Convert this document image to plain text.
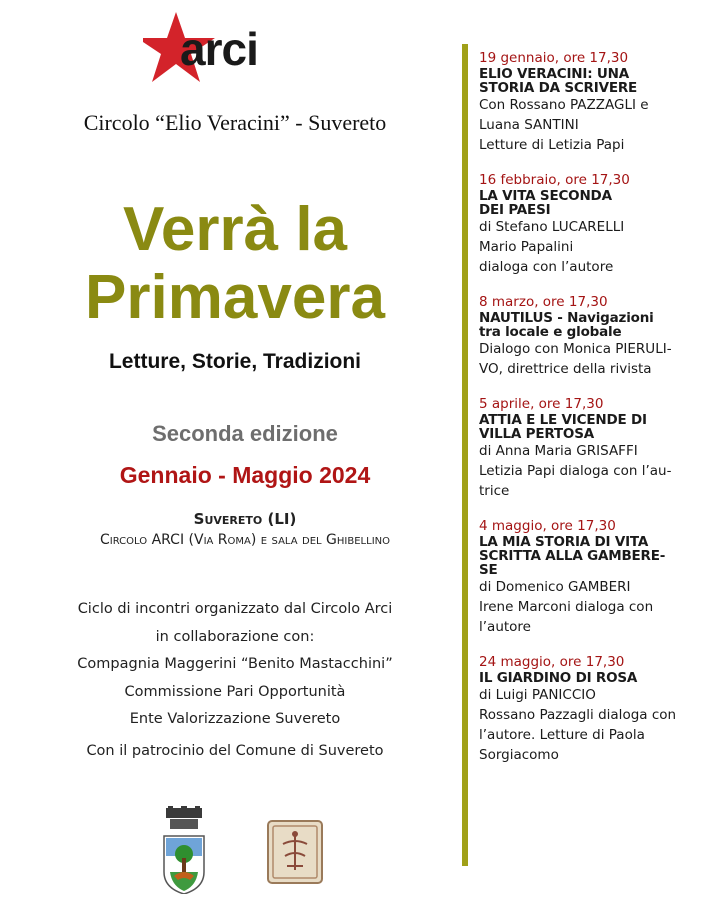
arci
Circolo “Elio Veracini” - Suvereto
Verrà la
Primavera
Letture, Storie, Tradizioni
Seconda edizione
Gennaio - Maggio 2024
Suvereto (LI)
Circolo ARCI (Via Roma) e sala del Ghibellino
Ciclo di incontri organizzato dal Circolo Arci
in collaborazione con:
Compagnia Maggerini “Benito Mastacchini”
Commissione Pari Opportunità
Ente Valorizzazione Suvereto
Con il patrocinio del Comune di Suvereto
19 gennaio, ore 17,30
ELIO VERACINI: UNA
STORIA DA SCRIVERE
Con Rossano PAZZAGLI e
Luana SANTINI
Letture di Letizia Papi
16 febbraio, ore 17,30
LA VITA SECONDA
DEI PAESI
di Stefano LUCARELLI
Mario Papalini
dialoga con l’autore
8 marzo, ore 17,30
NAUTILUS - Navigazioni
tra locale e globale
Dialogo con Monica PIERULI-
VO, direttrice della rivista
5 aprile, ore 17,30
ATTIA E LE VICENDE DI
VILLA PERTOSA
di Anna Maria GRISAFFI
Letizia Papi dialoga con l’au-
trice
4 maggio, ore 17,30
LA MIA STORIA DI VITA
SCRITTA ALLA GAMBERE-
SE
di Domenico GAMBERI
Irene Marconi dialoga con
l’autore
24 maggio, ore 17,30
IL GIARDINO DI ROSA
di Luigi PANICCIO
Rossano Pazzagli dialoga con
l’autore. Letture di Paola
Sorgiacomo
